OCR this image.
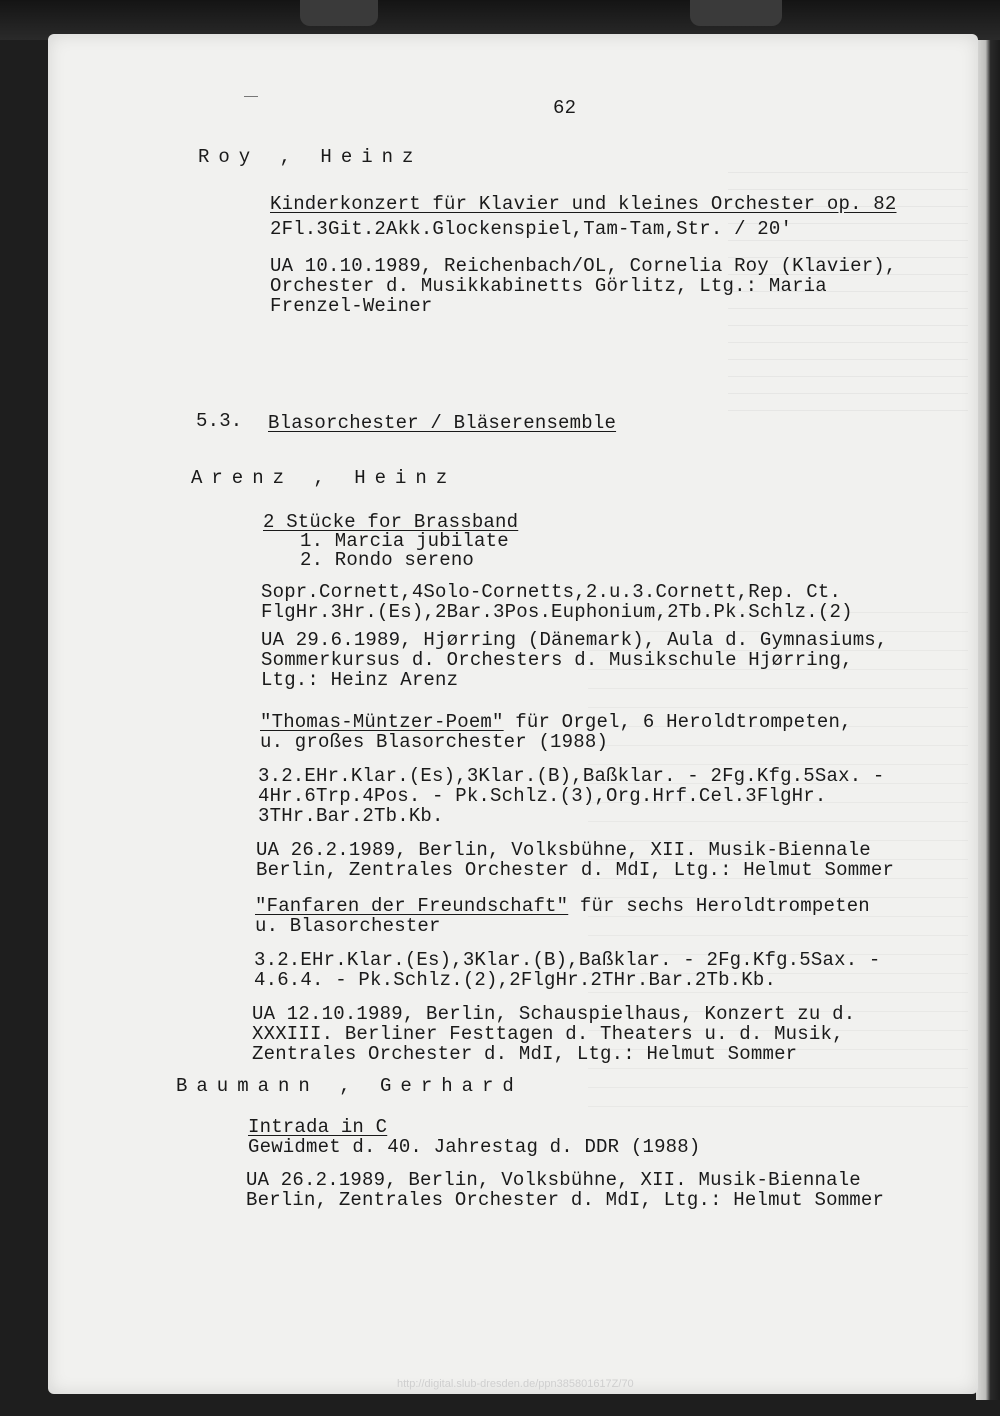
62
Roy , Heinz
Kinderkonzert für Klavier und kleines Orchester op. 82
2Fl.3Git.2Akk.Glockenspiel,Tam-Tam,Str. / 20'
UA 10.10.1989, Reichenbach/OL, Cornelia Roy (Klavier),
Orchester d. Musikkabinetts Görlitz, Ltg.: Maria
Frenzel-Weiner
5.3. Blasorchester / Bläserensemble
Arenz , Heinz
2 Stücke for Brassband
1. Marcia jubilate
2. Rondo sereno
Sopr.Cornett,4Solo-Cornetts,2.u.3.Cornett,Rep. Ct.
FlgHr.3Hr.(Es),2Bar.3Pos.Euphonium,2Tb.Pk.Schlz.(2)
UA 29.6.1989, Hjørring (Dänemark), Aula d. Gymnasiums,
Sommerkursus d. Orchesters d. Musikschule Hjørring,
Ltg.: Heinz Arenz
"Thomas-Müntzer-Poem" für Orgel, 6 Heroldtrompeten,
u. großes Blasorchester (1988)
3.2.EHr.Klar.(Es),3Klar.(B),Baßklar. - 2Fg.Kfg.5Sax. -
4Hr.6Trp.4Pos. - Pk.Schlz.(3),Org.Hrf.Cel.3FlgHr.
3THr.Bar.2Tb.Kb.
UA 26.2.1989, Berlin, Volksbühne, XII. Musik-Biennale
Berlin, Zentrales Orchester d. MdI, Ltg.: Helmut Sommer
"Fanfaren der Freundschaft" für sechs Heroldtrompeten
u. Blasorchester
3.2.EHr.Klar.(Es),3Klar.(B),Baßklar. - 2Fg.Kfg.5Sax. -
4.6.4. - Pk.Schlz.(2),2FlgHr.2THr.Bar.2Tb.Kb.
UA 12.10.1989, Berlin, Schauspielhaus, Konzert zu d.
XXXIII. Berliner Festtagen d. Theaters u. d. Musik,
Zentrales Orchester d. MdI, Ltg.: Helmut Sommer
Baumann , Gerhard
Intrada in C
Gewidmet d. 40. Jahrestag d. DDR (1988)
UA 26.2.1989, Berlin, Volksbühne, XII. Musik-Biennale
Berlin, Zentrales Orchester d. MdI, Ltg.: Helmut Sommer
http://digital.slub-dresden.de/ppn385801617Z/70
